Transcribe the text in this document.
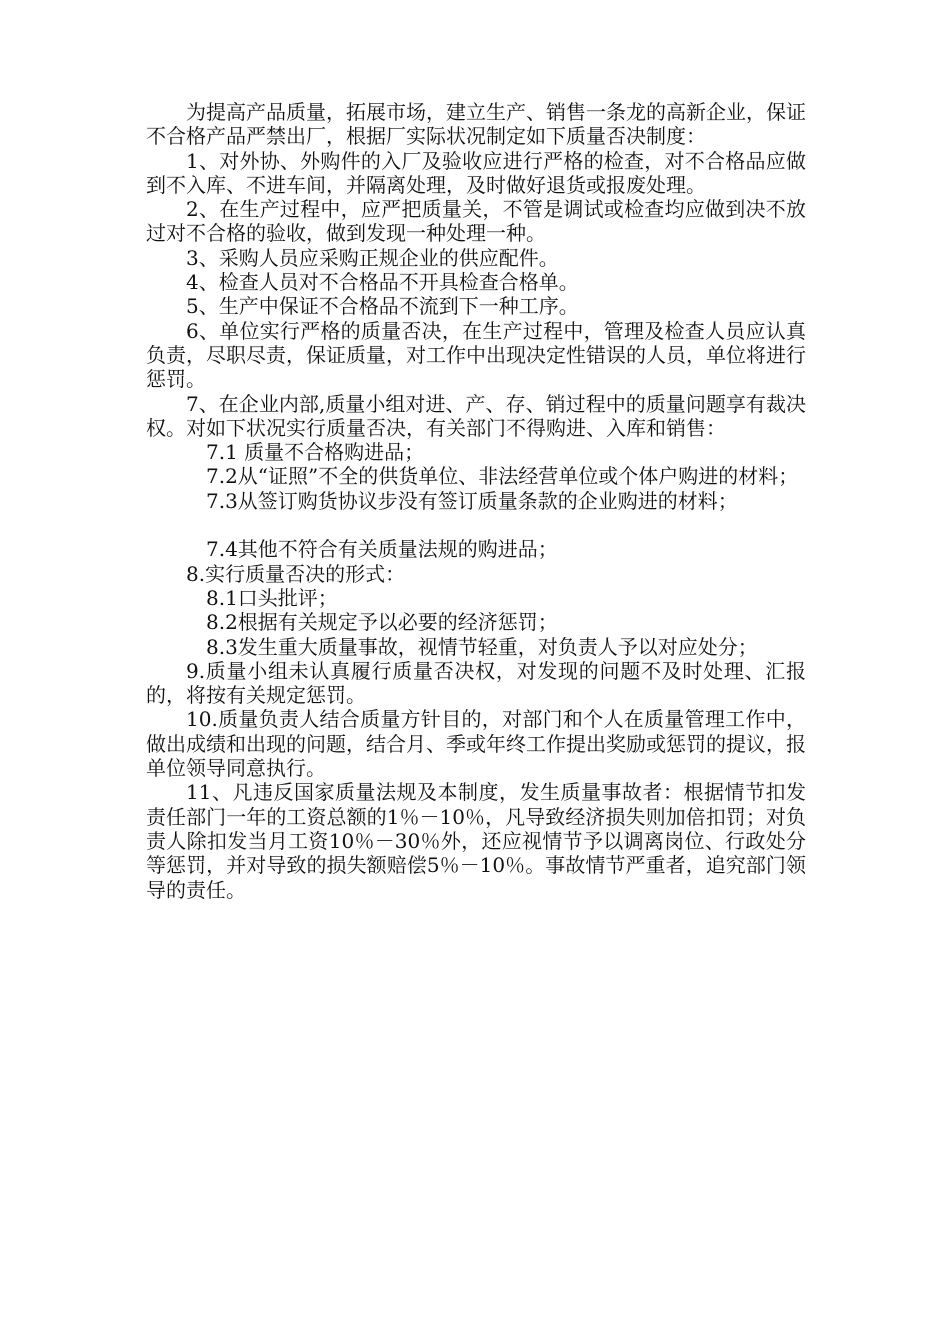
为提高产品质量，拓展市场，建立生产、销售一条龙的高新企业，保证不合格产品严禁出厂，根据厂实际状况制定如下质量否决制度：

1、对外协、外购件的入厂及验收应进行严格的检查，对不合格品应做到不入库、不进车间，并隔离处理，及时做好退货或报废处理。

2、在生产过程中，应严把质量关，不管是调试或检查均应做到决不放过对不合格的验收，做到发现一种处理一种。

3、采购人员应采购正规企业的供应配件。

4、检查人员对不合格品不开具检查合格单。

5、生产中保证不合格品不流到下一种工序。

6、单位实行严格的质量否决，在生产过程中，管理及检查人员应认真负责，尽职尽责，保证质量，对工作中出现决定性错误的人员，单位将进行惩罚。

7、在企业内部,质量小组对进、产、存、销过程中的质量问题享有裁决权。对如下状况实行质量否决，有关部门不得购进、入库和销售：

7.1 质量不合格购进品；

7.2从“证照”不全的供货单位、非法经营单位或个体户购进的材料；

7.3从签订购货协议步没有签订质量条款的企业购进的材料；

7.4其他不符合有关质量法规的购进品；

8.实行质量否决的形式：

8.1口头批评；

8.2根据有关规定予以必要的经济惩罚；

8.3发生重大质量事故，视情节轻重，对负责人予以对应处分；

9.质量小组未认真履行质量否决权，对发现的问题不及时处理、汇报的，将按有关规定惩罚。

10.质量负责人结合质量方针目的，对部门和个人在质量管理工作中，做出成绩和出现的问题，结合月、季或年终工作提出奖励或惩罚的提议，报单位领导同意执行。

11、凡违反国家质量法规及本制度，发生质量事故者：根据情节扣发责任部门一年的工资总额的1％－10％，凡导致经济损失则加倍扣罚；对负责人除扣发当月工资10％－30％外，还应视情节予以调离岗位、行政处分等惩罚，并对导致的损失额赔偿5％－10％。事故情节严重者，追究部门领导的责任。
